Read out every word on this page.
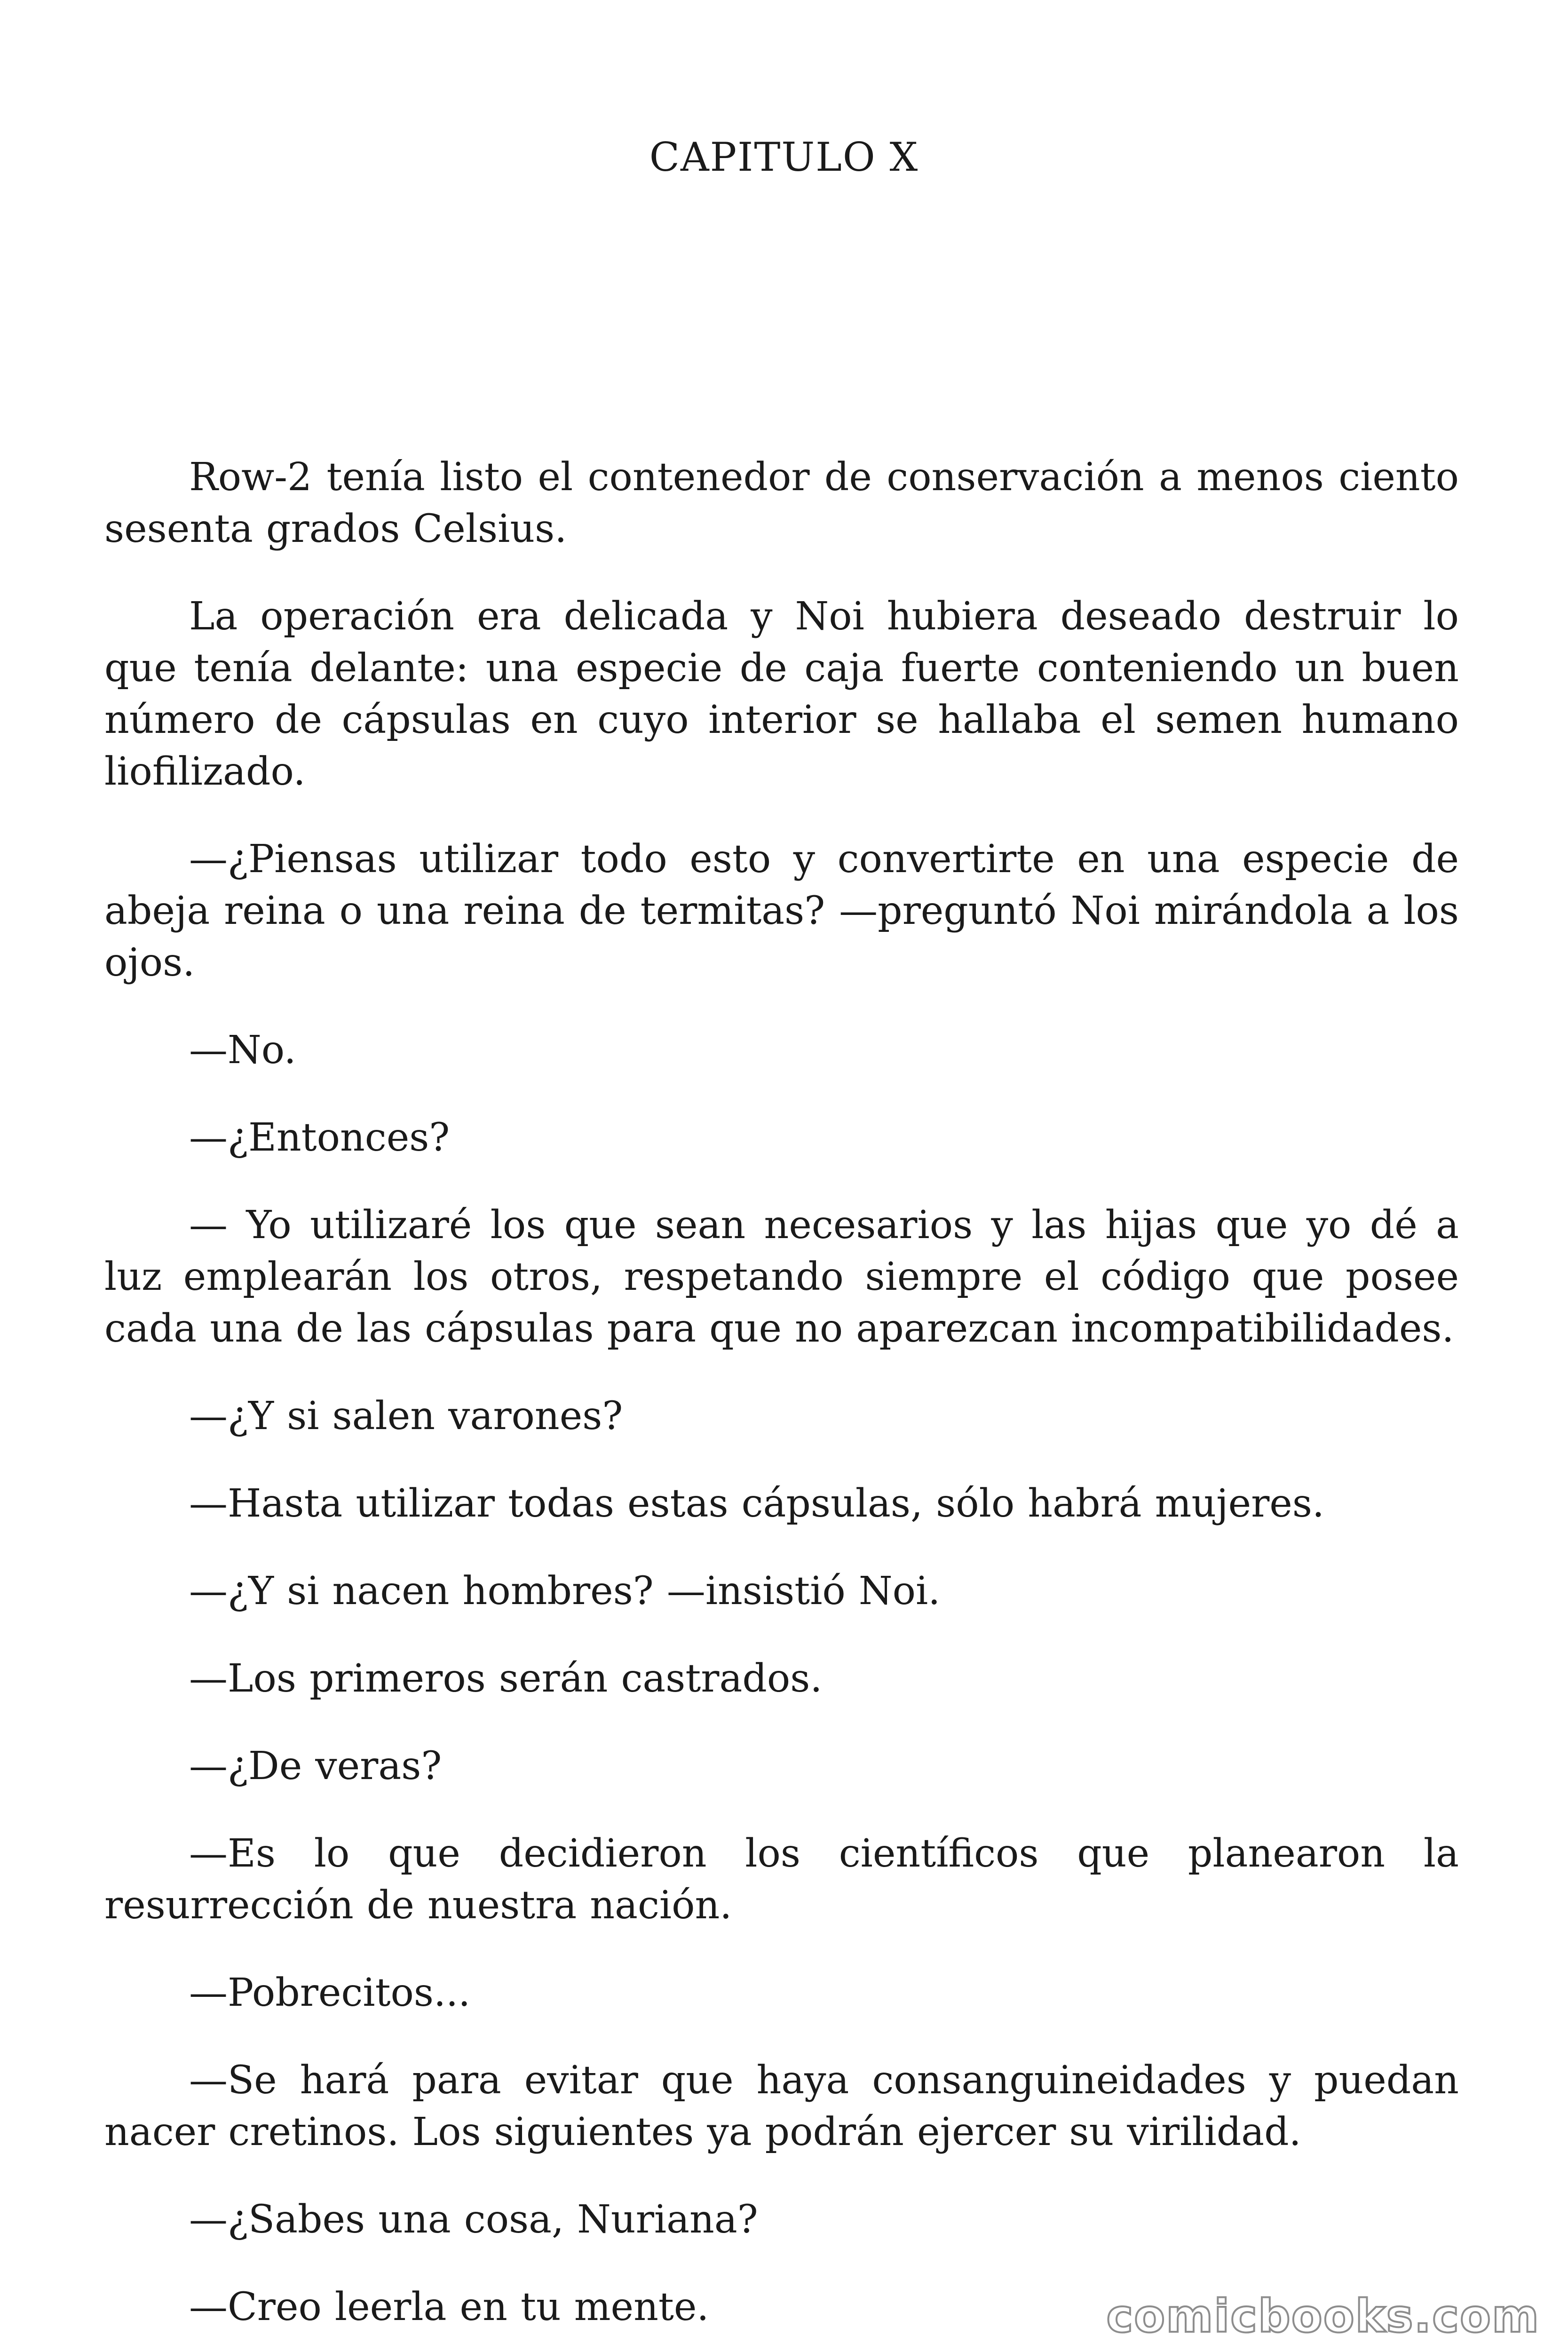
CAPITULO X

Row-2 tenía listo el contenedor de conservación a menos ciento sesenta grados Celsius.

La operación era delicada y Noi hubiera deseado destruir lo que tenía delante: una especie de caja fuerte conteniendo un buen número de cápsulas en cuyo interior se hallaba el semen humano liofilizado.

—¿Piensas utilizar todo esto y convertirte en una especie de abeja reina o una reina de termitas? —preguntó Noi mirándola a los ojos.

—No.

—¿Entonces?

— Yo utilizaré los que sean necesarios y las hijas que yo dé a luz emplearán los otros, respetando siempre el código que posee cada una de las cápsulas para que no aparezcan incompatibilidades.

—¿Y si salen varones?

—Hasta utilizar todas estas cápsulas, sólo habrá mujeres.

—¿Y si nacen hombres? —insistió Noi.

—Los primeros serán castrados.

—¿De veras?

—Es lo que decidieron los científicos que planearon la resurrección de nuestra nación.

—Pobrecitos...

—Se hará para evitar que haya consanguineidades y puedan nacer cretinos. Los siguientes ya podrán ejercer su virilidad.

—¿Sabes una cosa, Nuriana?

—Creo leerla en tu mente.	comicbooks.com
